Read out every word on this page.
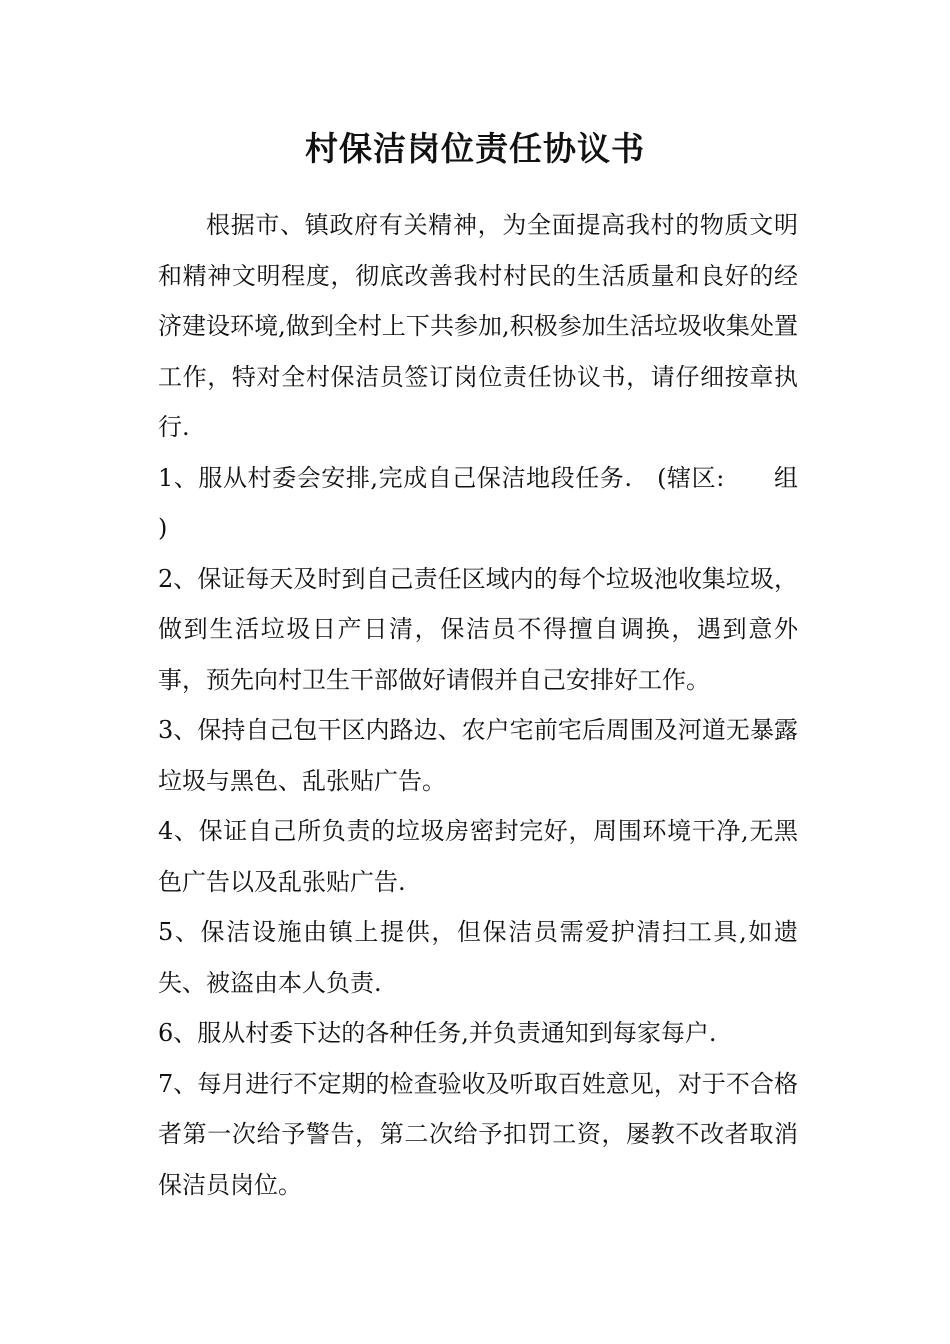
村保洁岗位责任协议书

根据市、镇政府有关精神，为全面提高我村的物质文明和精神文明程度，彻底改善我村村民的生活质量和良好的经济建设环境,做到全村上下共参加,积极参加生活垃圾收集处置工作，特对全村保洁员签订岗位责任协议书，请仔细按章执行.

1、服从村委会安排,完成自己保洁地段任务.　(辖区:　　组 )

2、保证每天及时到自己责任区域内的每个垃圾池收集垃圾，做到生活垃圾日产日清，保洁员不得擅自调换，遇到意外事，预先向村卫生干部做好请假并自己安排好工作。

3、保持自己包干区内路边、农户宅前宅后周围及河道无暴露垃圾与黑色、乱张贴广告。

4、保证自己所负责的垃圾房密封完好，周围环境干净,无黑色广告以及乱张贴广告.

5、保洁设施由镇上提供，但保洁员需爱护清扫工具,如遗失、被盗由本人负责.

6、服从村委下达的各种任务,并负责通知到每家每户.

7、每月进行不定期的检查验收及听取百姓意见，对于不合格者第一次给予警告，第二次给予扣罚工资，屡教不改者取消保洁员岗位。
